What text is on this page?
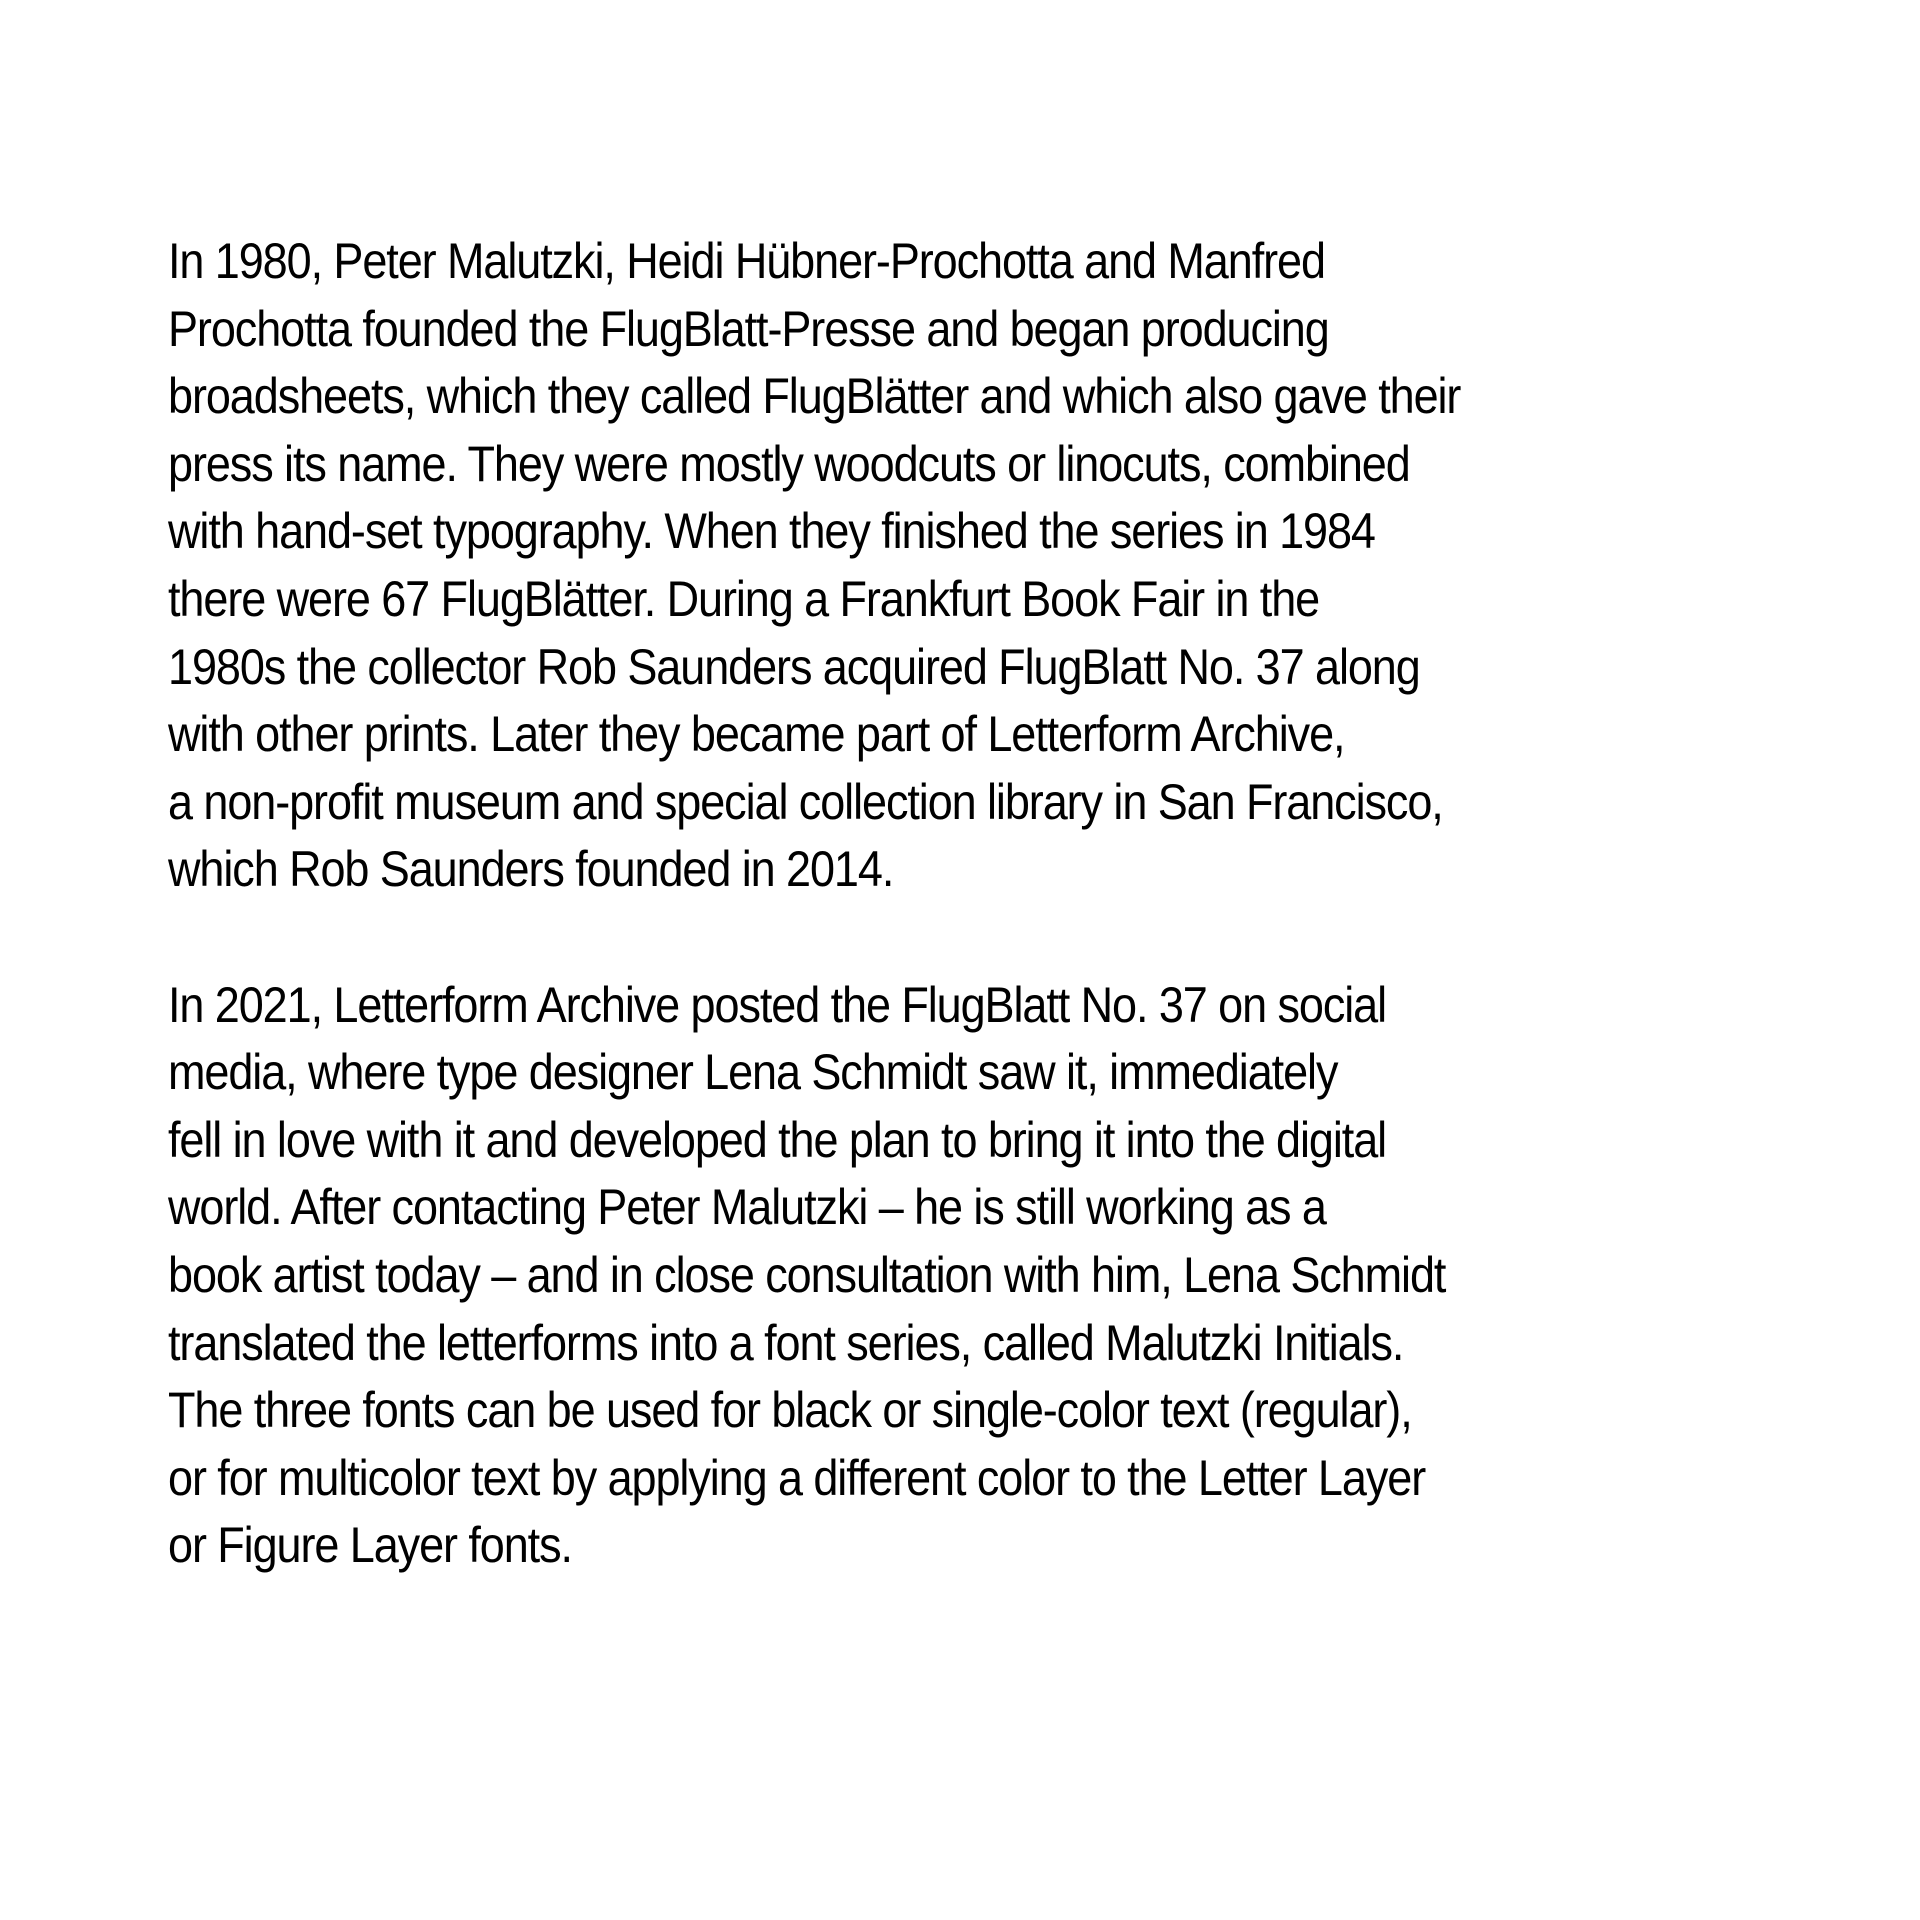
In 1980, Peter Malutzki, Heidi Hübner-Prochotta and Manfred
Prochotta founded the FlugBlatt-Presse and began producing
broadsheets, which they called FlugBlätter and which also gave their
press its name. They were mostly woodcuts or linocuts, combined
with hand-set typography. When they finished the series in 1984
there were 67 FlugBlätter. During a Frankfurt Book Fair in the
1980s the collector Rob Saunders acquired FlugBlatt No. 37 along
with other prints. Later they became part of Letterform Archive,
a non-profit museum and special collection library in San Francisco,
which Rob Saunders founded in 2014.

In 2021, Letterform Archive posted the FlugBlatt No. 37 on social
media, where type designer Lena Schmidt saw it, immediately
fell in love with it and developed the plan to bring it into the digital
world. After contacting Peter Malutzki – he is still working as a
book artist today – and in close consultation with him, Lena Schmidt
translated the letterforms into a font series, called Malutzki Initials.
The three fonts can be used for black or single-color text (regular),
or for multicolor text by applying a different color to the Letter Layer
or Figure Layer fonts.
